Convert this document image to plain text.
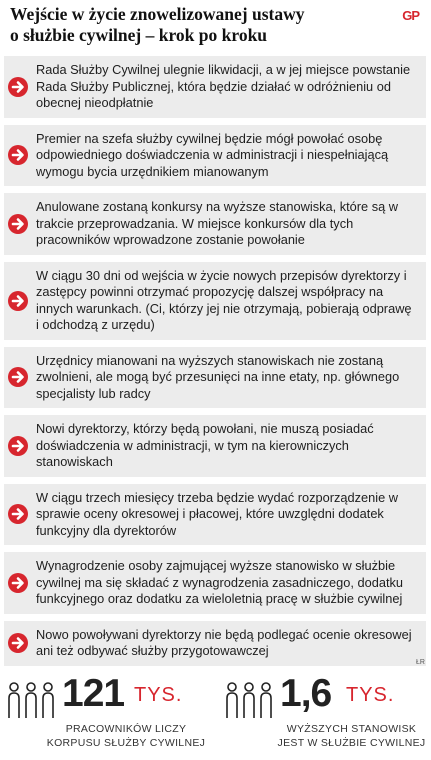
Wejście w życie znowelizowanej ustawy
o służbie cywilnej – krok po kroku
GP
Rada Służby Cywilnej ulegnie likwidacji, a w jej miejsce powstanie Rada Służby Publicznej, która będzie działać w odróżnieniu od obecnej nieodpłatnie
Premier na szefa służby cywilnej będzie mógł powołać osobę odpowiedniego doświadczenia w administracji i niespełniającą wymogu bycia urzędnikiem mianowanym
Anulowane zostaną konkursy na wyższe stanowiska, które są w trakcie przeprowadzania. W miejsce konkursów dla tych pracowników wprowadzone zostanie powołanie
W ciągu 30 dni od wejścia w życie nowych przepisów dyrektorzy i zastępcy powinni otrzymać propozycję dalszej współpracy na innych warunkach. (Ci, którzy jej nie otrzymają, pobierają odprawę i odchodzą z urzędu)
Urzędnicy mianowani na wyższych stanowiskach nie zostaną zwolnieni, ale mogą być przesunięci na inne etaty, np. głównego specjalisty lub radcy
Nowi dyrektorzy, którzy będą powołani, nie muszą posiadać doświadczenia w administracji, w tym na kierowniczych stanowiskach
W ciągu trzech miesięcy trzeba będzie wydać rozporządzenie w sprawie oceny okresowej i płacowej, które uwzględni dodatek funkcyjny dla dyrektorów
Wynagrodzenie osoby zajmującej wyższe stanowisko w służbie cywilnej ma się składać z wynagrodzenia zasadniczego, dodatku funkcyjnego oraz dodatku za wieloletnią pracę w służbie cywilnej
Nowo powoływani dyrektorzy nie będą podlegać ocenie okresowej ani też odbywać służby przygotowawczej
ŁR
121 TYS.
PRACOWNIKÓW LICZY
KORPUSU SŁUŻBY CYWILNEJ
1,6 TYS.
WYŻSZYCH STANOWISK
JEST W SŁUŻBIE CYWILNEJ
